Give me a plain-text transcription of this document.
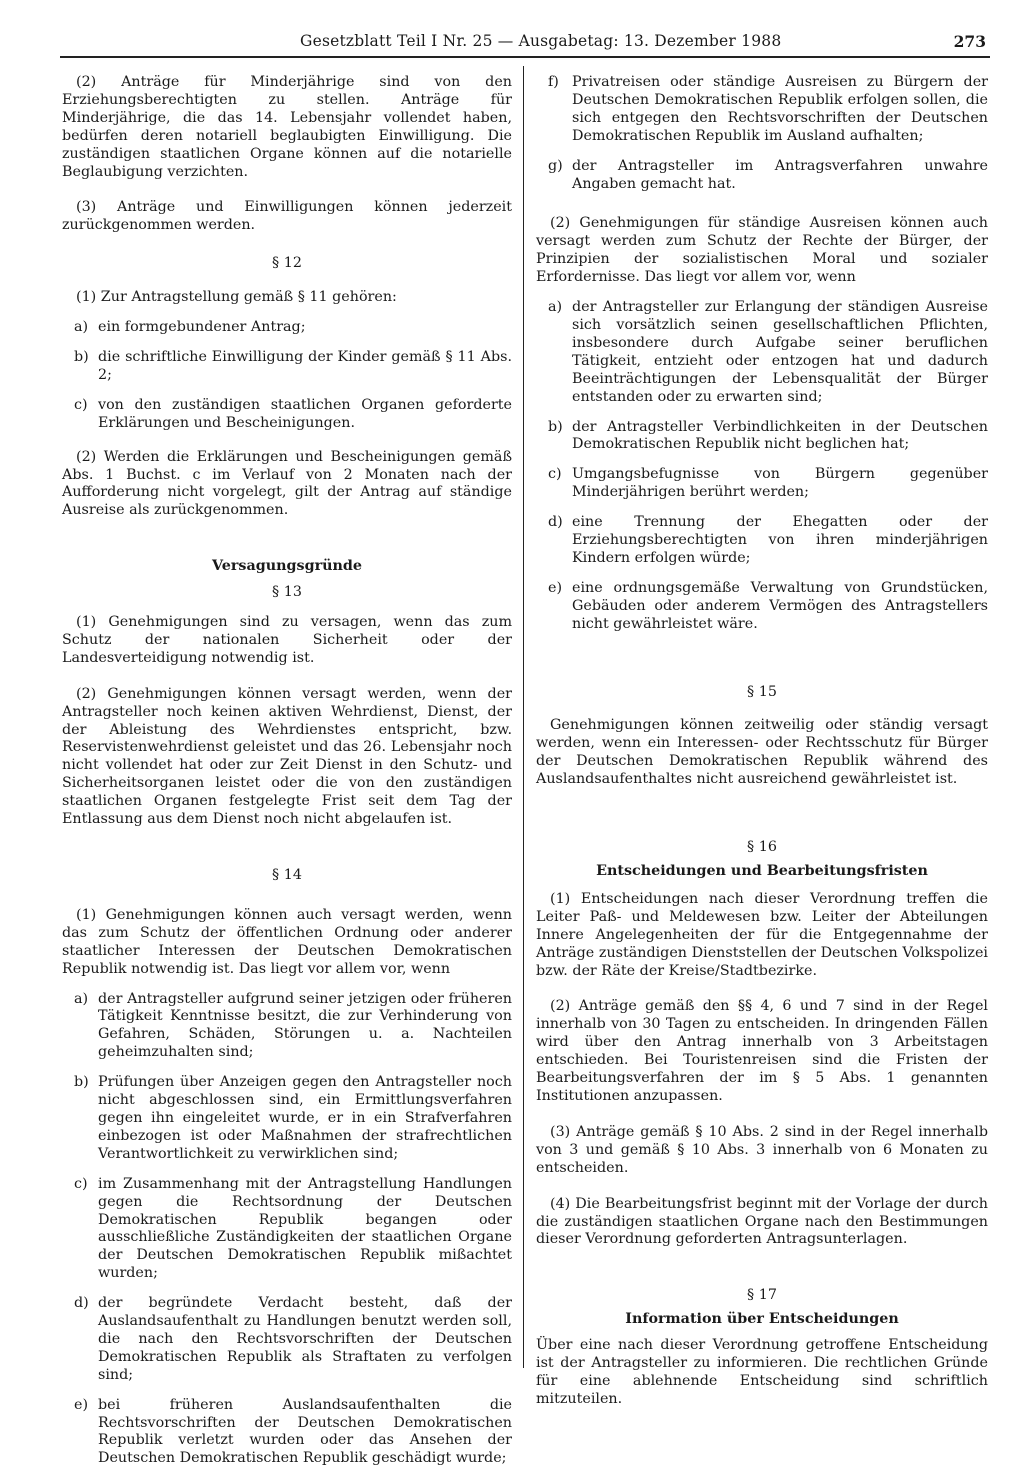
Gesetzblatt Teil I Nr. 25 — Ausgabetag: 13. Dezember 1988	273

(2) Anträge für Minderjährige sind von den Erziehungsberechtigten zu stellen. Anträge für Minderjährige, die das 14. Lebensjahr vollendet haben, bedürfen deren notariell beglaubigten Einwilligung. Die zuständigen staatlichen Organe können auf die notarielle Beglaubigung verzichten.

(3) Anträge und Einwilligungen können jederzeit zurückgenommen werden.

§ 12

(1) Zur Antragstellung gemäß § 11 gehören:

a) ein formgebundener Antrag;
b) die schriftliche Einwilligung der Kinder gemäß § 11 Abs. 2;
c) von den zuständigen staatlichen Organen geforderte Erklärungen und Bescheinigungen.

(2) Werden die Erklärungen und Bescheinigungen gemäß Abs. 1 Buchst. c im Verlauf von 2 Monaten nach der Aufforderung nicht vorgelegt, gilt der Antrag auf ständige Ausreise als zurückgenommen.

Versagungsgründe
§ 13

(1) Genehmigungen sind zu versagen, wenn das zum Schutz der nationalen Sicherheit oder der Landesverteidigung notwendig ist.

(2) Genehmigungen können versagt werden, wenn der Antragsteller noch keinen aktiven Wehrdienst, Dienst, der der Ableistung des Wehrdienstes entspricht, bzw. Reservistenwehrdienst geleistet und das 26. Lebensjahr noch nicht vollendet hat oder zur Zeit Dienst in den Schutz- und Sicherheitsorganen leistet oder die von den zuständigen staatlichen Organen festgelegte Frist seit dem Tag der Entlassung aus dem Dienst noch nicht abgelaufen ist.

§ 14

(1) Genehmigungen können auch versagt werden, wenn das zum Schutz der öffentlichen Ordnung oder anderer staatlicher Interessen der Deutschen Demokratischen Republik notwendig ist. Das liegt vor allem vor, wenn

a) der Antragsteller aufgrund seiner jetzigen oder früheren Tätigkeit Kenntnisse besitzt, die zur Verhinderung von Gefahren, Schäden, Störungen u. a. Nachteilen geheimzuhalten sind;
b) Prüfungen über Anzeigen gegen den Antragsteller noch nicht abgeschlossen sind, ein Ermittlungsverfahren gegen ihn eingeleitet wurde, er in ein Strafverfahren einbezogen ist oder Maßnahmen der strafrechtlichen Verantwortlichkeit zu verwirklichen sind;
c) im Zusammenhang mit der Antragstellung Handlungen gegen die Rechtsordnung der Deutschen Demokratischen Republik begangen oder ausschließliche Zuständigkeiten der staatlichen Organe der Deutschen Demokratischen Republik mißachtet wurden;
d) der begründete Verdacht besteht, daß der Auslandsaufenthalt zu Handlungen benutzt werden soll, die nach den Rechtsvorschriften der Deutschen Demokratischen Republik als Straftaten zu verfolgen sind;
e) bei früheren Auslandsaufenthalten die Rechtsvorschriften der Deutschen Demokratischen Republik verletzt wurden oder das Ansehen der Deutschen Demokratischen Republik geschädigt wurde;
f) Privatreisen oder ständige Ausreisen zu Bürgern der Deutschen Demokratischen Republik erfolgen sollen, die sich entgegen den Rechtsvorschriften der Deutschen Demokratischen Republik im Ausland aufhalten;
g) der Antragsteller im Antragsverfahren unwahre Angaben gemacht hat.

(2) Genehmigungen für ständige Ausreisen können auch versagt werden zum Schutz der Rechte der Bürger, der Prinzipien der sozialistischen Moral und sozialer Erfordernisse. Das liegt vor allem vor, wenn

a) der Antragsteller zur Erlangung der ständigen Ausreise sich vorsätzlich seinen gesellschaftlichen Pflichten, insbesondere durch Aufgabe seiner beruflichen Tätigkeit, entzieht oder entzogen hat und dadurch Beeinträchtigungen der Lebensqualität der Bürger entstanden oder zu erwarten sind;
b) der Antragsteller Verbindlichkeiten in der Deutschen Demokratischen Republik nicht beglichen hat;
c) Umgangsbefugnisse von Bürgern gegenüber Minderjährigen berührt werden;
d) eine Trennung der Ehegatten oder der Erziehungsberechtigten von ihren minderjährigen Kindern erfolgen würde;
e) eine ordnungsgemäße Verwaltung von Grundstücken, Gebäuden oder anderem Vermögen des Antragstellers nicht gewährleistet wäre.
§ 15

Genehmigungen können zeitweilig oder ständig versagt werden, wenn ein Interessen- oder Rechtsschutz für Bürger der Deutschen Demokratischen Republik während des Auslandsaufenthaltes nicht ausreichend gewährleistet ist.

§ 16
Entscheidungen und Bearbeitungsfristen

(1) Entscheidungen nach dieser Verordnung treffen die Leiter Paß- und Meldewesen bzw. Leiter der Abteilungen Innere Angelegenheiten der für die Entgegennahme der Anträge zuständigen Dienststellen der Deutschen Volkspolizei bzw. der Räte der Kreise/Stadtbezirke.

(2) Anträge gemäß den §§ 4, 6 und 7 sind in der Regel innerhalb von 30 Tagen zu entscheiden. In dringenden Fällen wird über den Antrag innerhalb von 3 Arbeitstagen entschieden. Bei Touristenreisen sind die Fristen der Bearbeitungsverfahren der im § 5 Abs. 1 genannten Institutionen anzupassen.

(3) Anträge gemäß § 10 Abs. 2 sind in der Regel innerhalb von 3 und gemäß § 10 Abs. 3 innerhalb von 6 Monaten zu entscheiden.

(4) Die Bearbeitungsfrist beginnt mit der Vorlage der durch die zuständigen staatlichen Organe nach den Bestimmungen dieser Verordnung geforderten Antragsunterlagen.

§ 17
Information über Entscheidungen

Über eine nach dieser Verordnung getroffene Entscheidung ist der Antragsteller zu informieren. Die rechtlichen Gründe für eine ablehnende Entscheidung sind schriftlich mitzuteilen.
